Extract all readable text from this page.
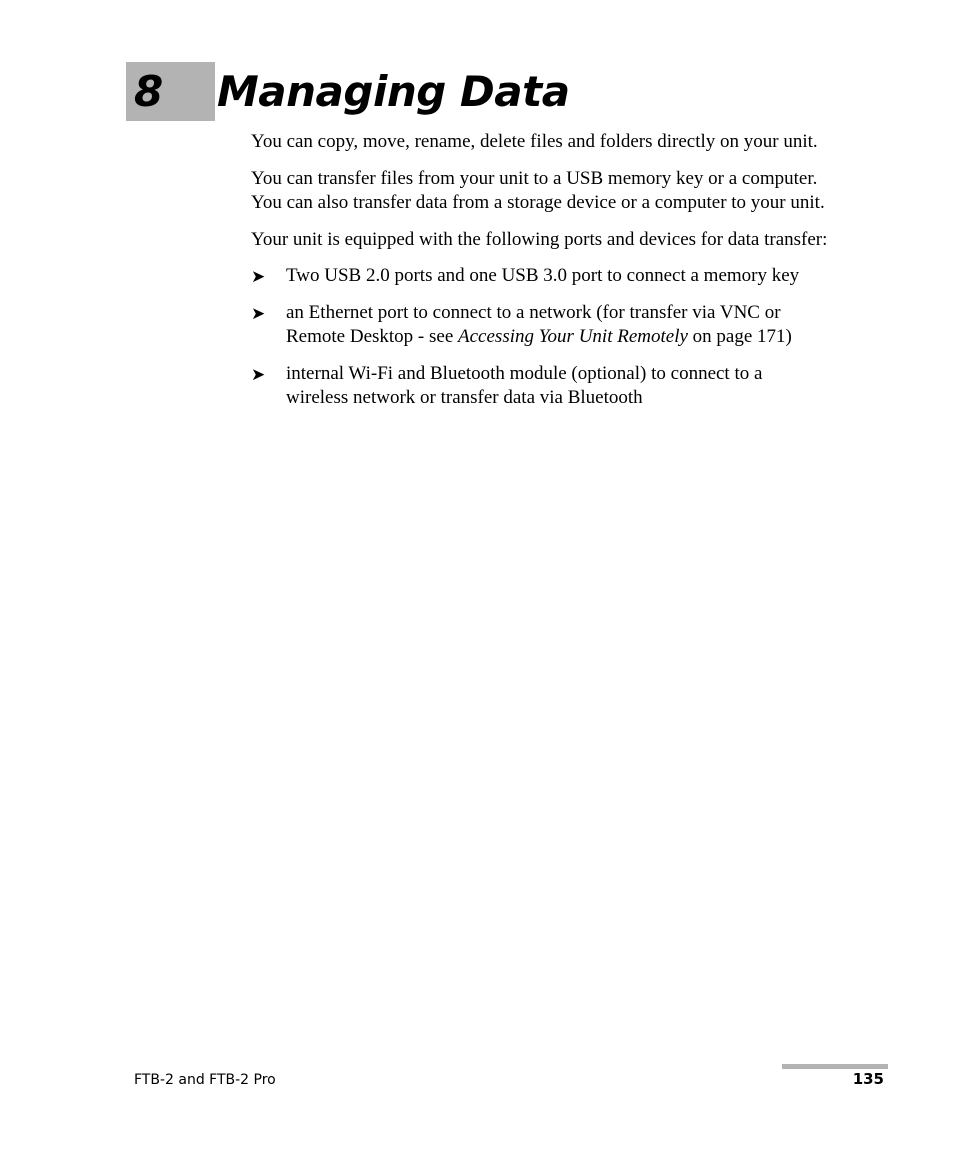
8 Managing Data

You can copy, move, rename, delete files and folders directly on your unit.

You can transfer files from your unit to a USB memory key or a computer.
You can also transfer data from a storage device or a computer to your unit.

Your unit is equipped with the following ports and devices for data transfer:

➤ Two USB 2.0 ports and one USB 3.0 port to connect a memory key
➤ an Ethernet port to connect to a network (for transfer via VNC or
Remote Desktop - see Accessing Your Unit Remotely on page 171)
➤ internal Wi-Fi and Bluetooth module (optional) to connect to a
wireless network or transfer data via Bluetooth
FTB-2 and FTB-2 Pro	135
